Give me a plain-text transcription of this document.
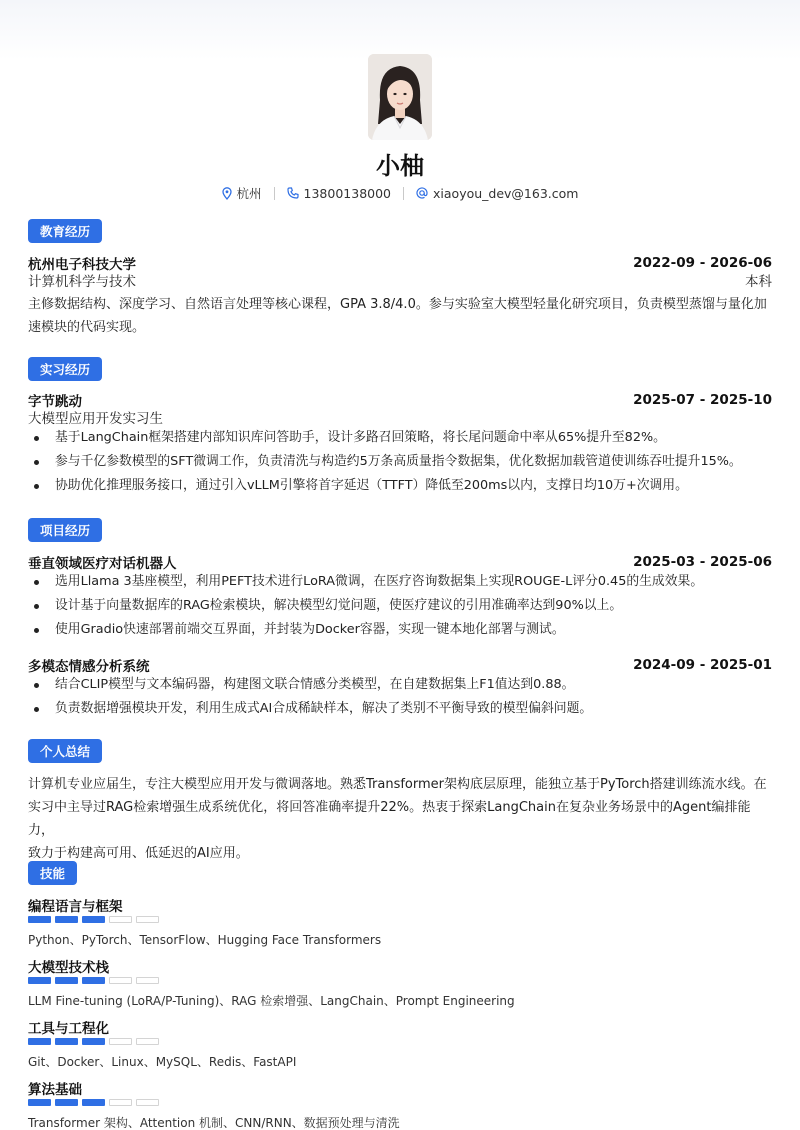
小柚
杭州	13800138000	xiaoyou_dev@163.com
教育经历
杭州电子科技大学	2022-09 - 2026-06
计算机科学与技术	本科
主修数据结构、深度学习、自然语言处理等核心课程，GPA 3.8/4.0。参与实验室大模型轻量化研究项目，负责模型蒸馏与量化加
速模块的代码实现。
实习经历
字节跳动	2025-07 - 2025-10
大模型应用开发实习生
基于LangChain框架搭建内部知识库问答助手，设计多路召回策略，将长尾问题命中率从65%提升至82%。
参与千亿参数模型的SFT微调工作，负责清洗与构造约5万条高质量指令数据集，优化数据加载管道使训练吞吐提升15%。
协助优化推理服务接口，通过引入vLLM引擎将首字延迟（TTFT）降低至200ms以内，支撑日均10万+次调用。
项目经历
垂直领域医疗对话机器人	2025-03 - 2025-06
选用Llama 3基座模型，利用PEFT技术进行LoRA微调，在医疗咨询数据集上实现ROUGE-L评分0.45的生成效果。
设计基于向量数据库的RAG检索模块，解决模型幻觉问题，使医疗建议的引用准确率达到90%以上。
使用Gradio快速部署前端交互界面，并封装为Docker容器，实现一键本地化部署与测试。
多模态情感分析系统	2024-09 - 2025-01
结合CLIP模型与文本编码器，构建图文联合情感分类模型，在自建数据集上F1值达到0.88。
负责数据增强模块开发，利用生成式AI合成稀缺样本，解决了类别不平衡导致的模型偏斜问题。
个人总结
计算机专业应届生，专注大模型应用开发与微调落地。熟悉Transformer架构底层原理，能独立基于PyTorch搭建训练流水线。在
实习中主导过RAG检索增强生成系统优化，将回答准确率提升22%。热衷于探索LangChain在复杂业务场景中的Agent编排能力，
致力于构建高可用、低延迟的AI应用。
技能
编程语言与框架
Python、PyTorch、TensorFlow、Hugging Face Transformers
大模型技术栈
LLM Fine-tuning (LoRA/P-Tuning)、RAG 检索增强、LangChain、Prompt Engineering
工具与工程化
Git、Docker、Linux、MySQL、Redis、FastAPI
算法基础
Transformer 架构、Attention 机制、CNN/RNN、数据预处理与清洗
